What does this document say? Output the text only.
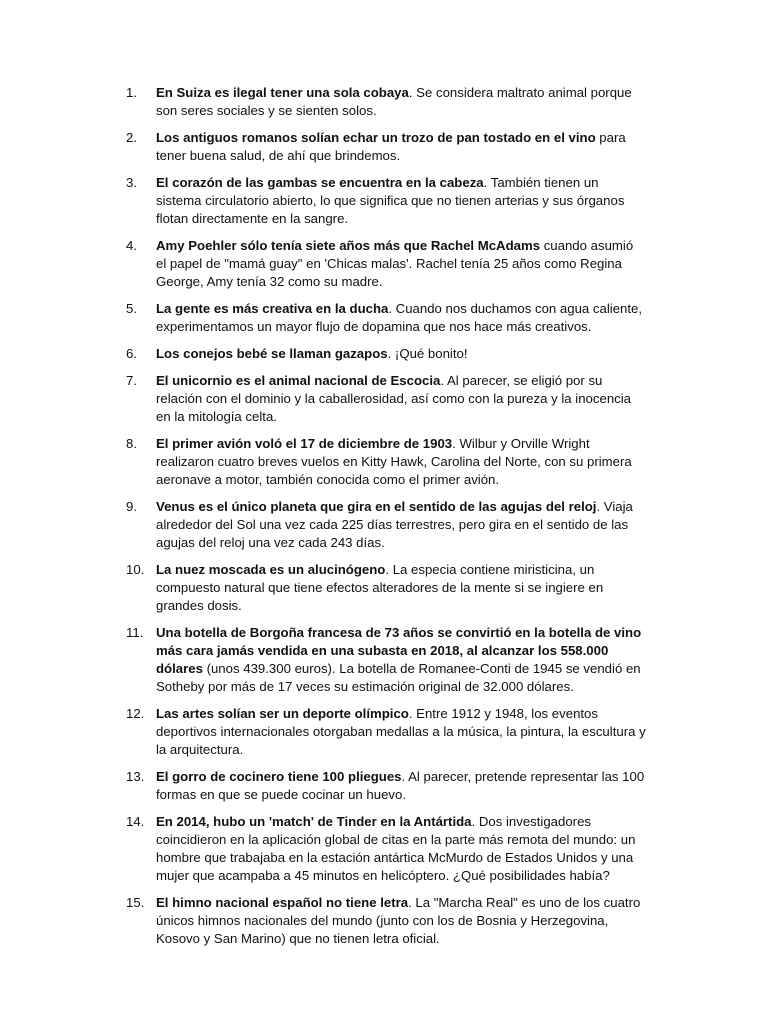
1.	En Suiza es ilegal tener una sola cobaya. Se considera maltrato animal porque son seres sociales y se sienten solos.
2.	Los antiguos romanos solían echar un trozo de pan tostado en el vino para tener buena salud, de ahí que brindemos.
3.	El corazón de las gambas se encuentra en la cabeza. También tienen un sistema circulatorio abierto, lo que significa que no tienen arterias y sus órganos flotan directamente en la sangre.
4.	Amy Poehler sólo tenía siete años más que Rachel McAdams cuando asumió el papel de "mamá guay" en 'Chicas malas'. Rachel tenía 25 años como Regina George, Amy tenía 32 como su madre.
5.	La gente es más creativa en la ducha. Cuando nos duchamos con agua caliente, experimentamos un mayor flujo de dopamina que nos hace más creativos.
6.	Los conejos bebé se llaman gazapos. ¡Qué bonito!
7.	El unicornio es el animal nacional de Escocia. Al parecer, se eligió por su relación con el dominio y la caballerosidad, así como con la pureza y la inocencia en la mitología celta.
8.	El primer avión voló el 17 de diciembre de 1903. Wilbur y Orville Wright realizaron cuatro breves vuelos en Kitty Hawk, Carolina del Norte, con su primera aeronave a motor, también conocida como el primer avión.
9.	Venus es el único planeta que gira en el sentido de las agujas del reloj. Viaja alrededor del Sol una vez cada 225 días terrestres, pero gira en el sentido de las agujas del reloj una vez cada 243 días.
10. La nuez moscada es un alucinógeno. La especia contiene miristicina, un compuesto natural que tiene efectos alteradores de la mente si se ingiere en grandes dosis.
11. Una botella de Borgoña francesa de 73 años se convirtió en la botella de vino más cara jamás vendida en una subasta en 2018, al alcanzar los 558.000 dólares (unos 439.300 euros). La botella de Romanee-Conti de 1945 se vendió en Sotheby por más de 17 veces su estimación original de 32.000 dólares.
12. Las artes solían ser un deporte olímpico. Entre 1912 y 1948, los eventos deportivos internacionales otorgaban medallas a la música, la pintura, la escultura y la arquitectura.
13. El gorro de cocinero tiene 100 pliegues. Al parecer, pretende representar las 100 formas en que se puede cocinar un huevo.
14. En 2014, hubo un 'match' de Tinder en la Antártida. Dos investigadores coincidieron en la aplicación global de citas en la parte más remota del mundo: un hombre que trabajaba en la estación antártica McMurdo de Estados Unidos y una mujer que acampaba a 45 minutos en helicóptero. ¿Qué posibilidades había?
15. El himno nacional español no tiene letra. La "Marcha Real" es uno de los cuatro únicos himnos nacionales del mundo (junto con los de Bosnia y Herzegovina, Kosovo y San Marino) que no tienen letra oficial.
